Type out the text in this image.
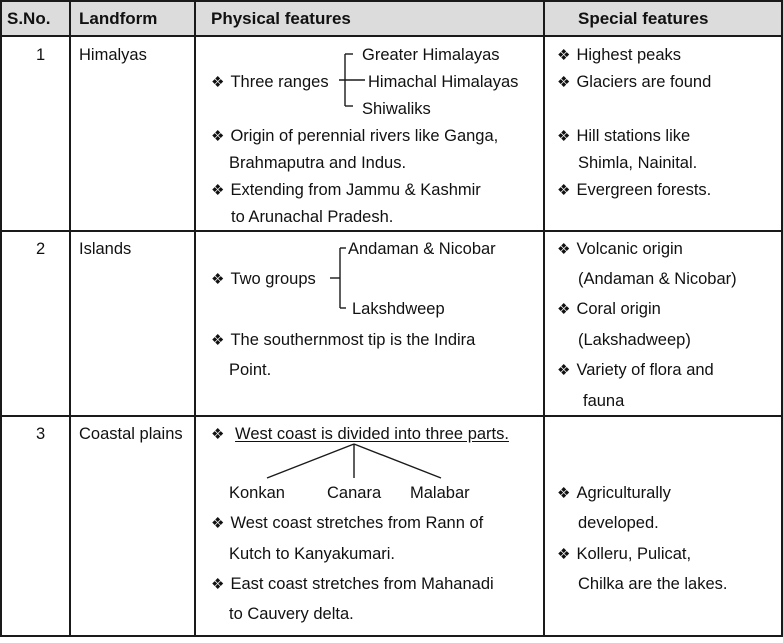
S.No. Landform	Physical features	Special features
1 Himalyas
❖ Three ranges
Greater Himalayas
Himachal Himalayas
Shiwaliks
❖ Origin of perennial rivers like Ganga,
Brahmaputra and Indus.
❖ Extending from Jammu & Kashmir
to Arunachal Pradesh.
❖ Highest peaks
❖ Glaciers are found
❖ Hill stations like
Shimla, Nainital.
❖ Evergreen forests.
2 Islands
❖ Two groups
Andaman & Nicobar
Lakshdweep
❖ The southernmost tip is the Indira
Point.
❖ Volcanic origin
(Andaman & Nicobar)
❖ Coral origin
(Lakshadweep)
❖ Variety of flora and
fauna
3 Coastal plains
❖	West coast is divided into three parts.
Konkan	Canara Malabar
❖ West coast stretches from Rann of
Kutch to Kanyakumari.
❖ East coast stretches from Mahanadi
to Cauvery delta.
❖ Agriculturally
developed.
❖ Kolleru, Pulicat,
Chilka are the lakes.
